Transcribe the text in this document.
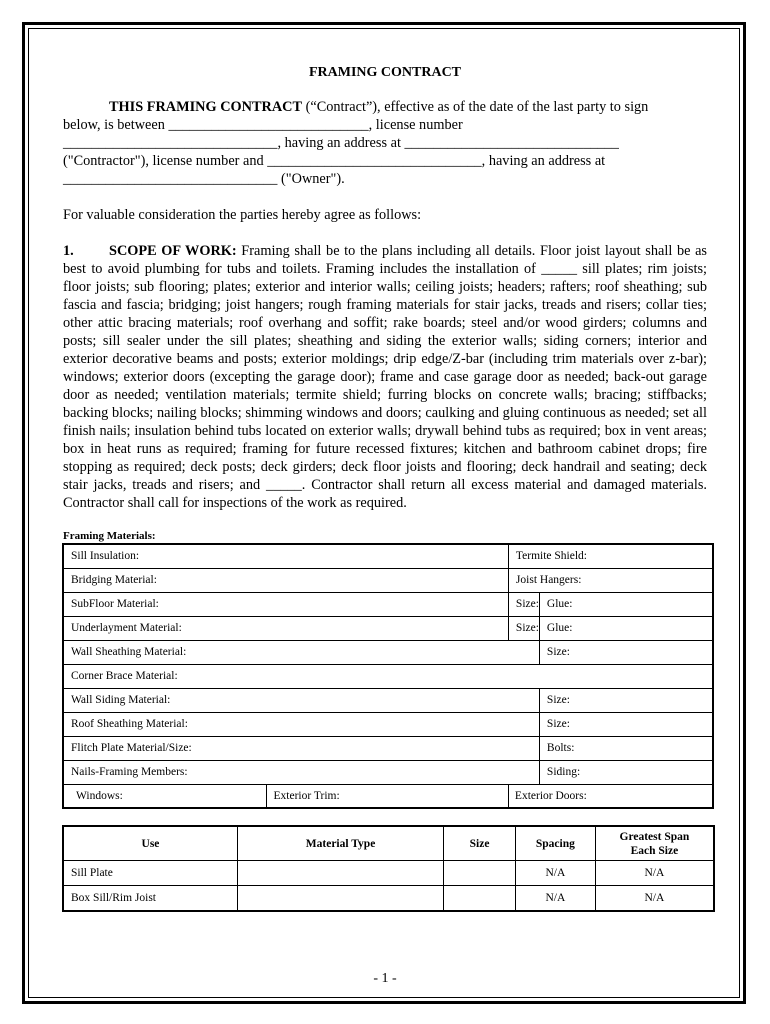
FRAMING CONTRACT

THIS FRAMING CONTRACT (“Contract”), effective as of the date of the last party to sign

below, is between ____________________________, license number

______________________________, having an address at ______________________________

("Contractor"), license number and ______________________________, having an address at

______________________________ ("Owner").

For valuable consideration the parties hereby agree as follows:

1. SCOPE OF WORK: Framing shall be to the plans including all details. Floor joist layout shall be as best to avoid plumbing for tubs and toilets. Framing includes the installation of _____ sill plates; rim joists; floor joists; sub flooring; plates; exterior and interior walls; ceiling joists; headers; rafters; roof sheathing; sub fascia and fascia; bridging; joist hangers; rough framing materials for stair jacks, treads and risers; collar ties; other attic bracing materials; roof overhang and soffit; rake boards; steel and/or wood girders; columns and posts; sill sealer under the sill plates; sheathing and siding the exterior walls; siding corners; interior and exterior decorative beams and posts; exterior moldings; drip edge/Z-bar (including trim materials over z-bar); windows; exterior doors (excepting the garage door); frame and case garage door as needed; back-out garage door as needed; ventilation materials; termite shield; furring blocks on concrete walls; bracing; stiffbacks; backing blocks; nailing blocks; shimming windows and doors; caulking and gluing continuous as needed; set all finish nails; insulation behind tubs located on exterior walls; drywall behind tubs as required; box in vent areas; box in heat runs as required; framing for future recessed fixtures; kitchen and bathroom cabinet drops; fire stopping as required; deck posts; deck girders; deck floor joists and flooring; deck handrail and seating; deck stair jacks, treads and risers; and _____. Contractor shall return all excess material and damaged materials. Contractor shall call for inspections of the work as required.

Framing Materials:
Sill Insulation:		Termite Shield:	
Bridging Material:		Joist Hangers:	
SubFloor Material:		Size:	Glue:
Underlayment Material:		Size:	Glue:
Wall Sheathing Material:			Size:
Corner Brace Material:			
Wall Siding Material:			Size:
Roof Sheathing Material:			Size:
Flitch Plate Material/Size:			Bolts:
Nails-Framing Members:			Siding:
Windows:	Exterior Trim:	Exterior Doors:	
Use	Material Type	Size	Spacing	Greatest Span
Each Size
Sill Plate			N/A	N/A
Box Sill/Rim Joist			N/A	N/A
- 1 -
